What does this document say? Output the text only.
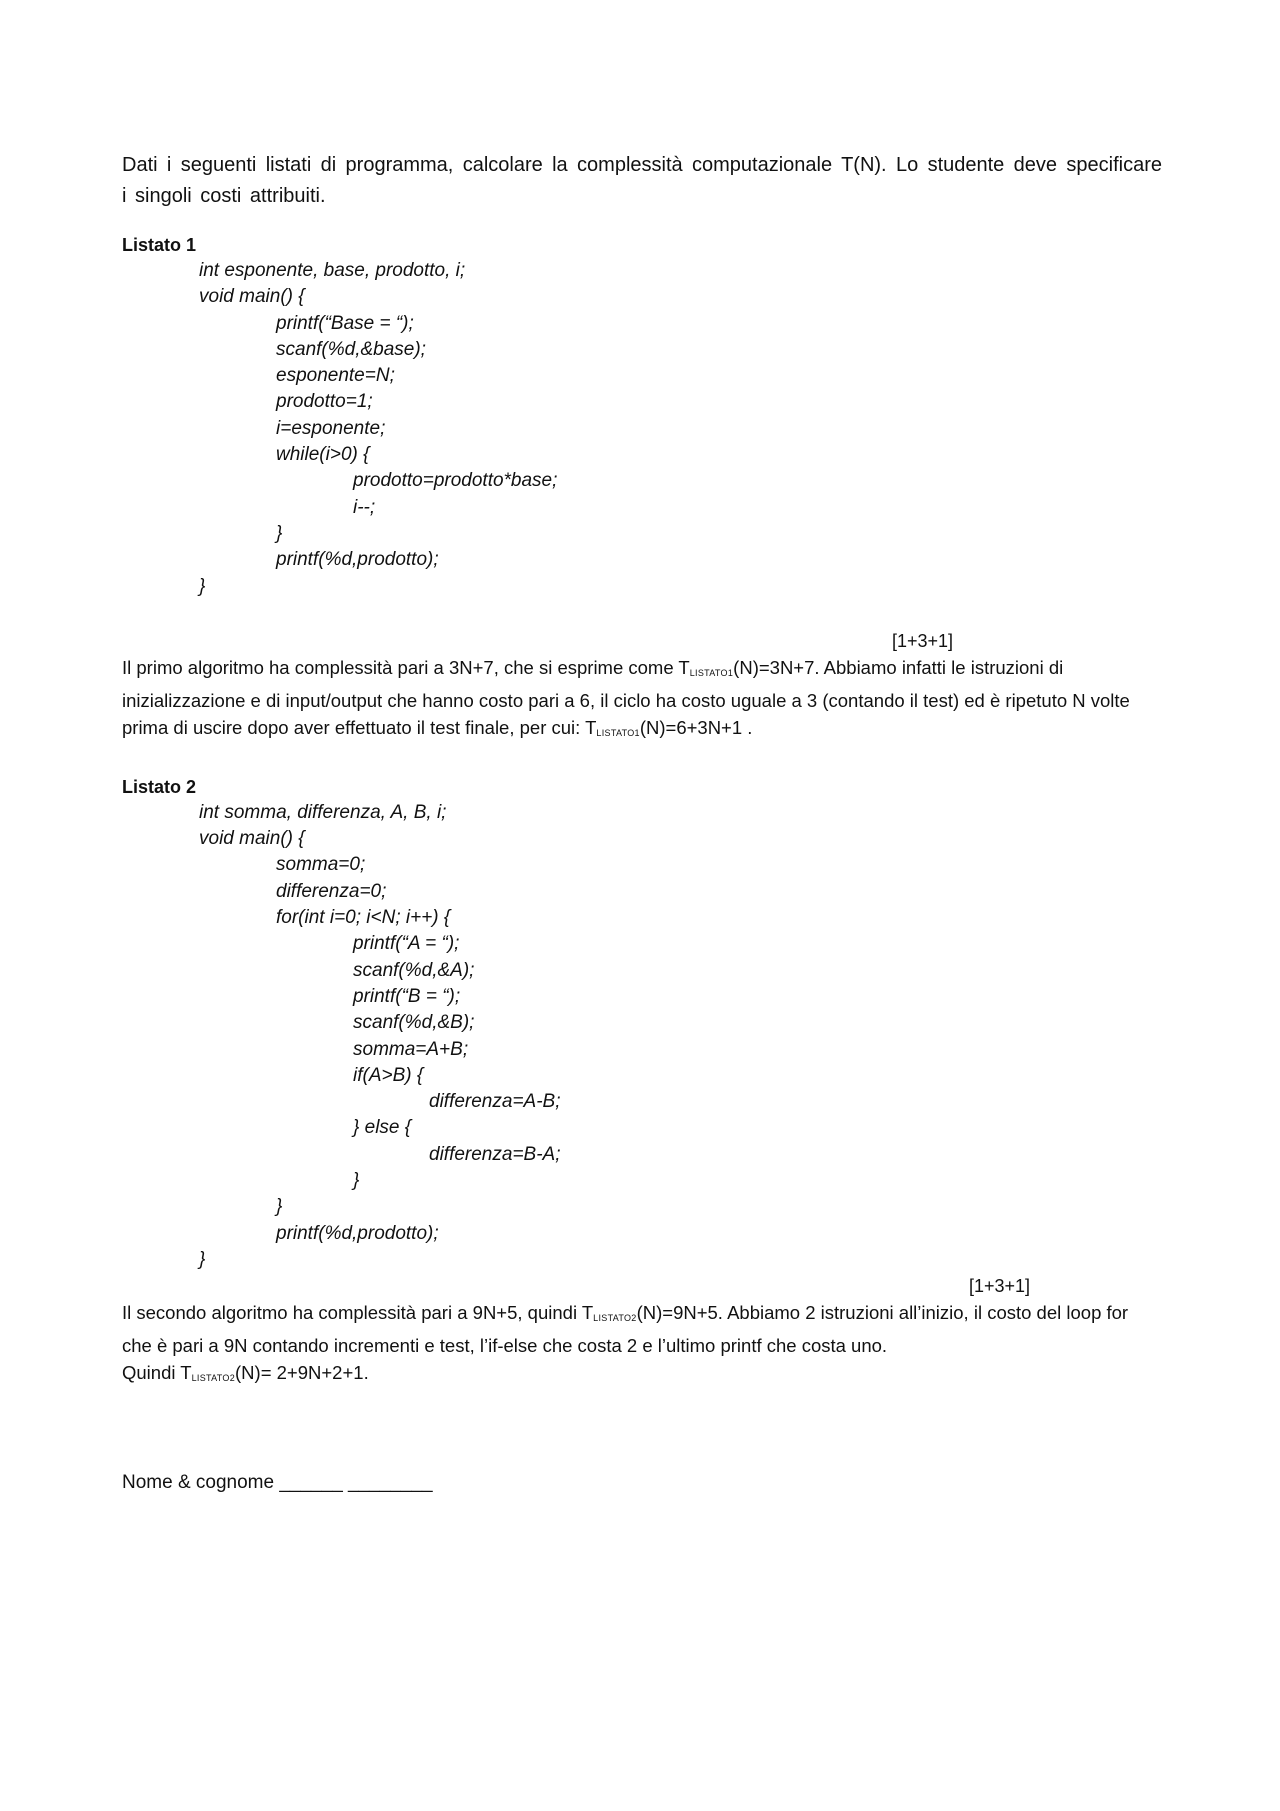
Dati i seguenti listati di programma, calcolare la complessità computazionale T(N). Lo studente deve specificare i singoli costi attribuiti.

Listato 1

int esponente, base, prodotto, i;
void main() {
printf(“Base = “);
scanf(%d,&base);
esponente=N;
prodotto=1;
i=esponente;
while(i>0) {
prodotto=prodotto*base;
i--;
}
printf(%d,prodotto);
}

[1+3+1]

Il primo algoritmo ha complessità pari a 3N+7, che si esprime come $T_{LISTATO1}(N)=3N+7$. Abbiamo infatti le istruzioni di inizializzazione e di input/output che hanno costo pari a 6, il ciclo ha costo uguale a 3 (contando il test) ed è ripetuto N volte prima di uscire dopo aver effettuato il test finale, per cui: $T_{LISTATO1}(N)=6+3N+1$ .

Listato 2

int somma, differenza, A, B, i;
void main() {
somma=0;
differenza=0;
for(int i=0; i<N; i++) {
printf(“A = “);
scanf(%d,&A);
printf(“B = “);
scanf(%d,&B);
somma=A+B;
if(A>B) {
differenza=A-B;
} else {
differenza=B-A;
}
}
printf(%d,prodotto);
}

[1+3+1]

Il secondo algoritmo ha complessità pari a 9N+5, quindi $T_{LISTATO2}(N)=9N+5$. Abbiamo 2 istruzioni all’inizio, il costo del loop for che è pari a 9N contando incrementi e test, l’if-else che costa 2 e l’ultimo printf che costa uno.
Quindi $T_{LISTATO2}(N)= 2+9N+2+1$.

Nome & cognome ______ ________
